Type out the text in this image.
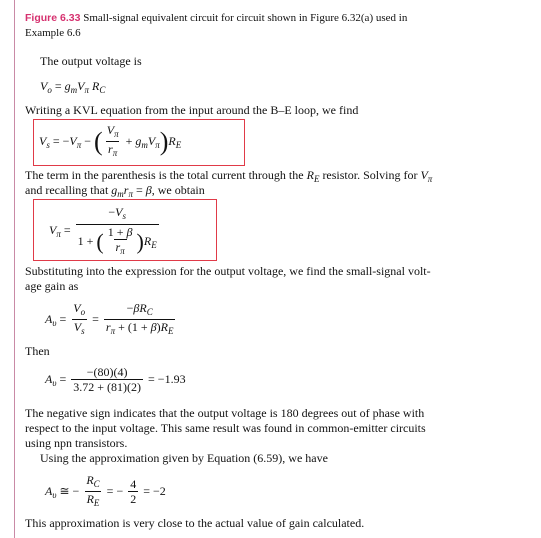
Figure 6.33 Small-signal equivalent circuit for circuit shown in Figure 6.32(a) used in
Example 6.6
The output voltage is
$V_o = g_mV_\pi$ $R_C$
Writing a KVL equation from the input around the B–E loop, we find
$V_s = -V_\pi$ − ( $\frac{V_\pi}{r_\pi} + g_mV_\pi)R_E$
The term in the parenthesis is the total current through the $R_E$ resistor. Solving for $V_\pi$
and recalling that $g_mr_\pi = \beta$, we obtain
$V_\pi = \frac{-V_s}{1 + ( \frac{1 + \beta}{r_\pi} )R_E}$
Substituting into the expression for the output voltage, we find the small-signal volt-
age gain as
$A_\upsilon = \frac{V_o}{V_s} = \frac{-\beta R_C}{r_\pi + (1 + \beta)R_E}$
Then
$A_\upsilon = \frac{-(80)(4)}{3.72 + (81)(2)} = -1.93$
The negative sign indicates that the output voltage is 180 degrees out of phase with
respect to the input voltage. This same result was found in common-emitter circuits
using npn transistors.
Using the approximation given by Equation (6.59), we have
$A_\upsilon$ ≅ − $\frac{R_C}{R_E}$ = − $\frac{4}{2} = -2$
This approximation is very close to the actual value of gain calculated.
